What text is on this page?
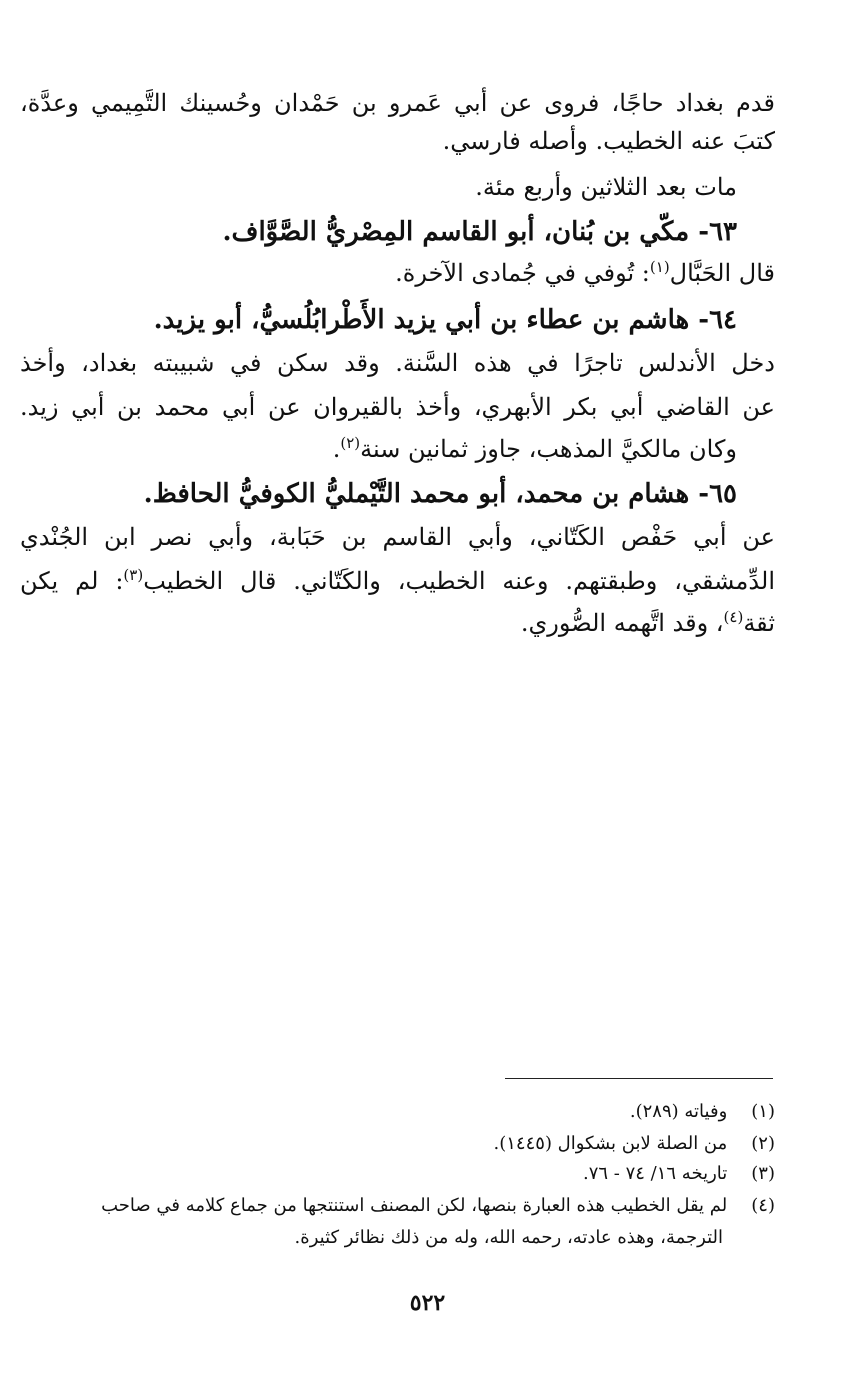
قدم بغداد حاجًا، فروى عن أبي عَمرو بن حَمْدان وحُسينك التَّمِيمي وعدَّة،
كتبَ عنه الخطيب. وأصله فارسي.
مات بعد الثلاثين وأربع مئة.
٦٣- مكّي بن بُنان، أبو القاسم المِصْريُّ الصَّوَّاف.
قال الحَبَّال$^{(١)}$: تُوفي في جُمادى الآخرة.
٦٤- هاشم بن عطاء بن أبي يزيد الأَطْرابُلُسيُّ، أبو يزيد.
دخل الأندلس تاجرًا في هذه السَّنة. وقد سكن في شبيبته بغداد، وأخذ
عن القاضي أبي بكر الأبهري، وأخذ بالقيروان عن أبي محمد بن أبي زيد.
وكان مالكيَّ المذهب، جاوز ثمانين سنة$^{(٢)}$.
٦٥- هشام بن محمد، أبو محمد التَّيْمليُّ الكوفيُّ الحافظ.
عن أبي حَفْص الكَتّاني، وأبي القاسم بن حَبَابة، وأبي نصر ابن الجُنْدي
الدِّمشقي، وطبقتهم. وعنه الخطيب، والكَتّاني. قال الخطيب$^{(٣)}$: لم يكن
ثقة$^{(٤)}$، وقد اتَّهمه الصُّوري.
(١) وفياته (٢٨٩).
(٢) من الصلة لابن بشكوال (١٤٤٥).
(٣) تاريخه ١٦/ ٧٤ - ٧٦.
(٤) لم يقل الخطيب هذه العبارة بنصها، لكن المصنف استنتجها من جماع كلامه في صاحب
الترجمة، وهذه عادته، رحمه الله، وله من ذلك نظائر كثيرة.
٥٢٢
